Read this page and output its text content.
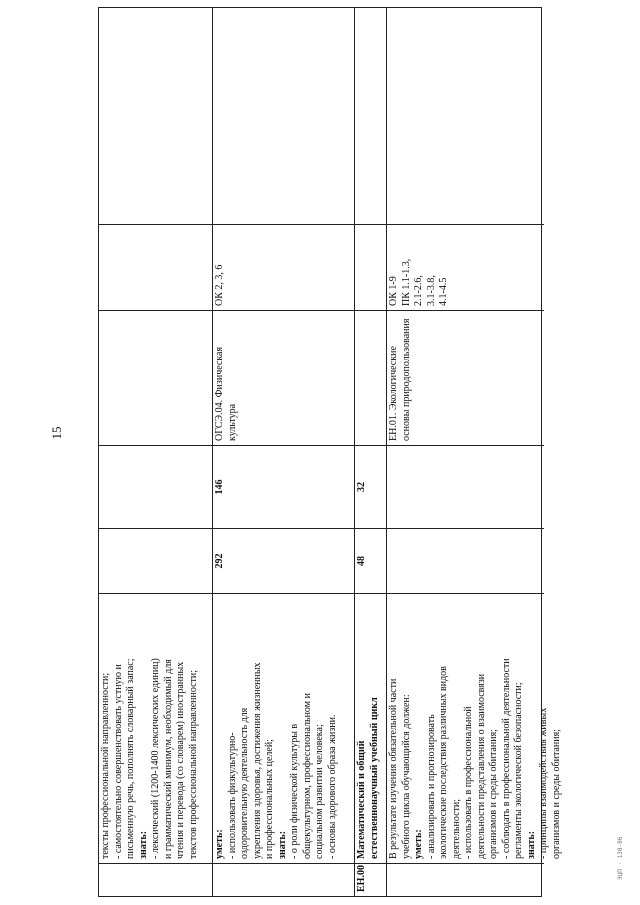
15
тексты профессиональной направленности; - самостоятельно совершенствовать устную и письменную речь, пополнять словарный запас; знать: - лексический (1200-1400 лексических единиц) и грамматический минимум, необходимый для чтения и перевода (со словарем) иностранных текстов профессиональной направленности; уметь: - использовать физкультурно- оздоровительную деятельность для укрепления здоровья, достижения жизненных и профессиональных целей; знать: - о роли физической культуры в общекультурном, профессиональном и социальном развитии человека; - основы здорового образа жизни.
292
146
ОГСЭ.04. Физическая культура
ОК 2, 3, 6
ЕН.00
Математический и общий естественнонаучный учебный цикл
48
32
В результате изучения обязательной части учебного цикла обучающийся должен: уметь: - анализировать и прогнозировать экологические последствия различных видов деятельности; - использовать в профессиональной деятельности представления о взаимосвязи организмов и среды обитания; - соблюдать в профессиональной деятельности регламенты экологической безопасности; знать: - принципы взаимодействия живых организмов и среды обитания;
ЕН.01. Экологические основы природопользования
ОК 1-9
ПК 1.1-1.3,
2.1-2.6,
3.1-3.8,
4.1-4.5
ЭЦП · 130-06
